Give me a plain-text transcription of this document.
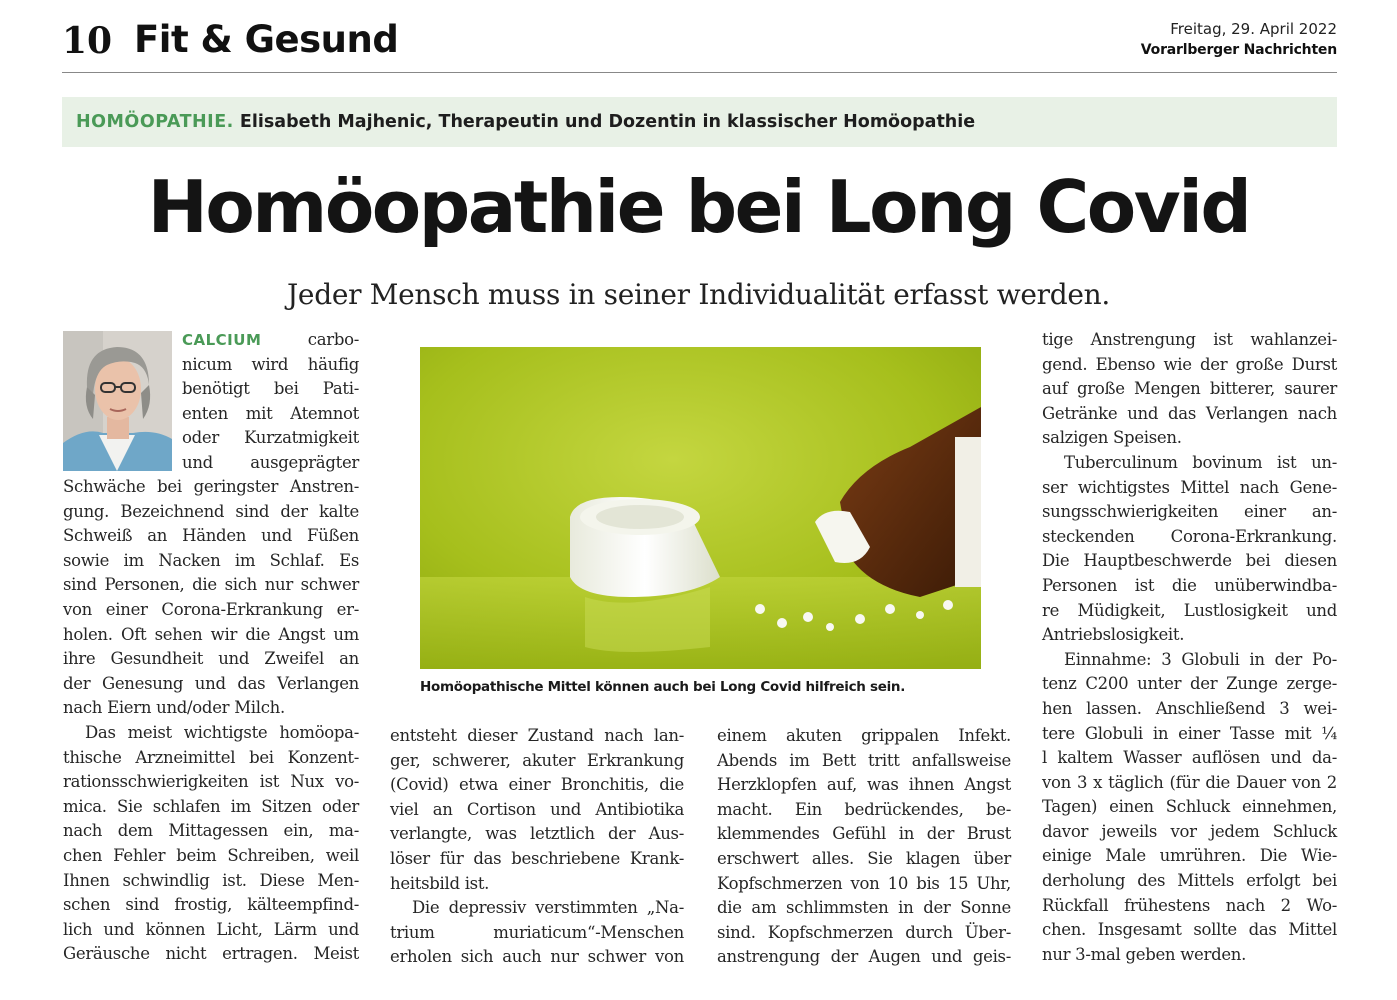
10 Fit & Gesund	Freitag, 29. April 2022
Vorarlberger Nachrichten
HOMÖOPATHIE. Elisabeth Majhenic, Therapeutin und Dozentin in klassischer Homöopathie
Homöopathie bei Long Covid
Jeder Mensch muss in seiner Individualität erfasst werden.
CALCIUM	carbo-
nicum wird häufig
benötigt bei Pati-
enten mit Atemnot
oder Kurzatmigkeit
und ausgeprägter
Schwäche bei geringster Anstren-
gung. Bezeichnend sind der kalte
Schweiß an Händen und Füßen
sowie im Nacken im Schlaf. Es
sind Personen, die sich nur schwer
von einer Corona-Erkrankung er-
holen. Oft sehen wir die Angst um
ihre Gesundheit und Zweifel an
der Genesung und das Verlangen
nach Eiern und/oder Milch.
Das meist wichtigste homöopa-
thische Arzneimittel bei Konzent-
rationsschwierigkeiten ist Nux vo-
mica. Sie schlafen im Sitzen oder
nach dem Mittagessen ein, ma-
chen Fehler beim Schreiben, weil
Ihnen schwindlig ist. Diese Men-
schen sind frostig, kälteempfind-
lich und können Licht, Lärm und
Geräusche nicht ertragen. Meist
Homöopathische Mittel können auch bei Long Covid hilfreich sein.
entsteht dieser Zustand nach lan-
ger, schwerer, akuter Erkrankung
(Covid) etwa einer Bronchitis, die
viel an Cortison und Antibiotika
verlangte, was letztlich der Aus-
löser für das beschriebene Krank-
heitsbild ist.
Die depressiv verstimmten „Na-
trium muriaticum“-Menschen
erholen sich auch nur schwer von
einem akuten grippalen Infekt.
Abends im Bett tritt anfallsweise
Herzklopfen auf, was ihnen Angst
macht. Ein bedrückendes, be-
klemmendes Gefühl in der Brust
erschwert alles. Sie klagen über
Kopfschmerzen von 10 bis 15 Uhr,
die am schlimmsten in der Sonne
sind. Kopfschmerzen durch Über-
anstrengung der Augen und geis-
tige Anstrengung ist wahlanzei-
gend. Ebenso wie der große Durst
auf große Mengen bitterer, saurer
Getränke und das Verlangen nach
salzigen Speisen.
Tuberculinum bovinum ist un-
ser wichtigstes Mittel nach Gene-
sungsschwierigkeiten einer an-
steckenden Corona-Erkrankung.
Die Hauptbeschwerde bei diesen
Personen ist die unüberwindba-
re Müdigkeit, Lustlosigkeit und
Antriebslosigkeit.
Einnahme: 3 Globuli in der Po-
tenz C200 unter der Zunge zerge-
hen lassen. Anschließend 3 wei-
tere Globuli in einer Tasse mit ¼
l kaltem Wasser auflösen und da-
von 3 x täglich (für die Dauer von 2
Tagen) einen Schluck einnehmen,
davor jeweils vor jedem Schluck
einige Male umrühren. Die Wie-
derholung des Mittels erfolgt bei
Rückfall frühestens nach 2 Wo-
chen. Insgesamt sollte das Mittel
nur 3-mal geben werden.
